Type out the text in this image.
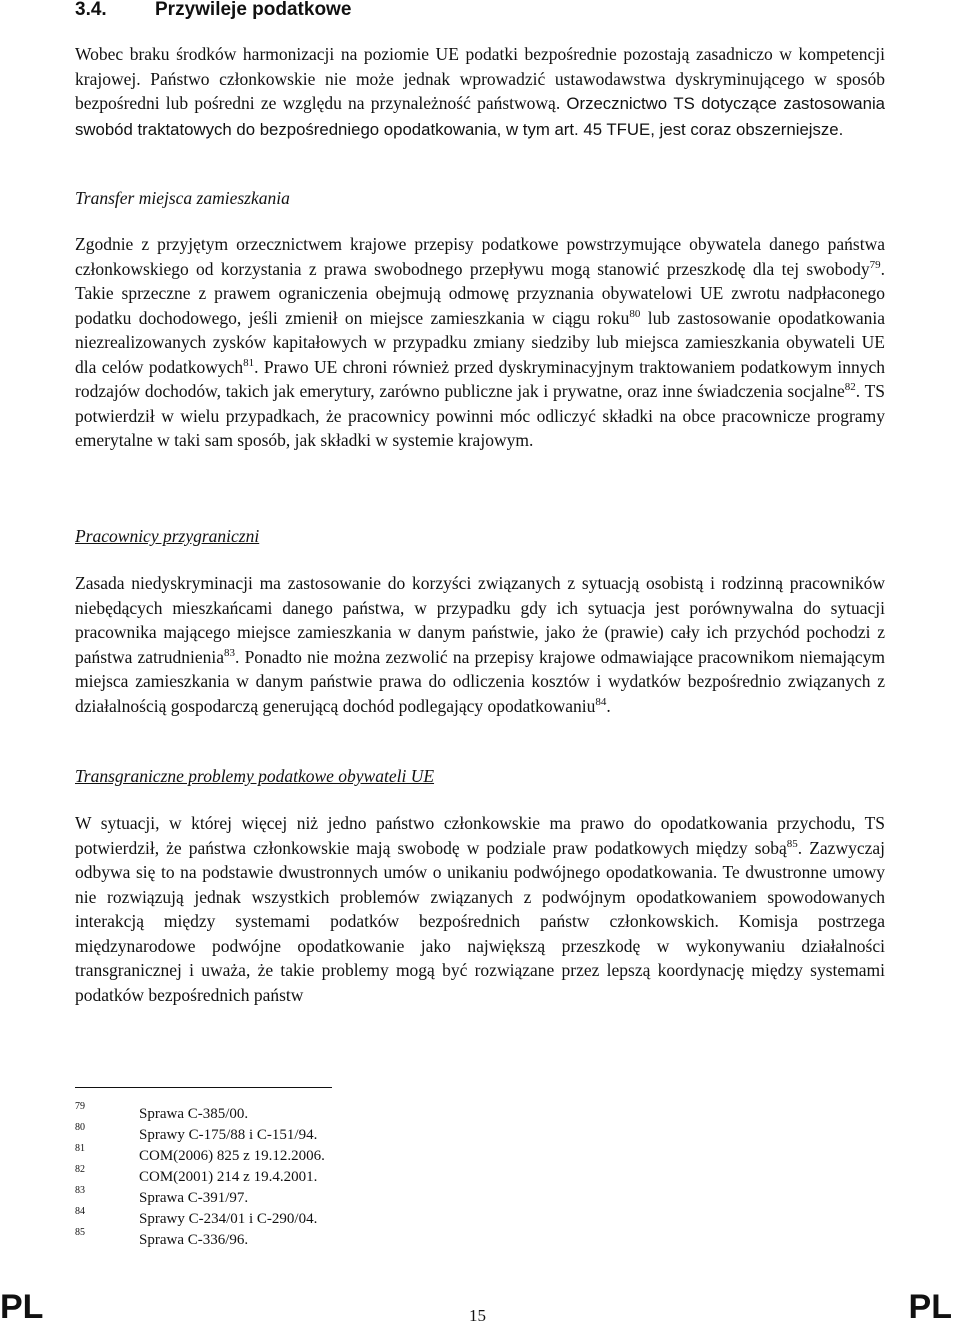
3.4.	Przywileje podatkowe

Wobec braku środków harmonizacji na poziomie UE podatki bezpośrednie pozostają zasadniczo w kompetencji krajowej. Państwo członkowskie nie może jednak wprowadzić ustawodawstwa dyskryminującego w sposób bezpośredni lub pośredni ze względu na przynależność państwową. Orzecznictwo TS dotyczące zastosowania swobód traktatowych do bezpośredniego opodatkowania, w tym art. 45 TFUE, jest coraz obszerniejsze.

Transfer miejsca zamieszkania

Zgodnie z przyjętym orzecznictwem krajowe przepisy podatkowe powstrzymujące obywatela danego państwa członkowskiego od korzystania z prawa swobodnego przepływu mogą stanowić przeszkodę dla tej swobody$^{79}$. Takie sprzeczne z prawem ograniczenia obejmują odmowę przyznania obywatelowi UE zwrotu nadpłaconego podatku dochodowego, jeśli zmienił on miejsce zamieszkania w ciągu roku$^{80}$ lub zastosowanie opodatkowania niezrealizowanych zysków kapitałowych w przypadku zmiany siedziby lub miejsca zamieszkania obywateli UE dla celów podatkowych$^{81}$. Prawo UE chroni również przed dyskryminacyjnym traktowaniem podatkowym innych rodzajów dochodów, takich jak emerytury, zarówno publiczne jak i prywatne, oraz inne świadczenia socjalne$^{82}$. TS potwierdził w wielu przypadkach, że pracownicy powinni móc odliczyć składki na obce pracownicze programy emerytalne w taki sam sposób, jak składki w systemie krajowym.

Pracownicy przygraniczni

Zasada niedyskryminacji ma zastosowanie do korzyści związanych z sytuacją osobistą i rodzinną pracowników niebędących mieszkańcami danego państwa, w przypadku gdy ich sytuacja jest porównywalna do sytuacji pracownika mającego miejsce zamieszkania w danym państwie, jako że (prawie) cały ich przychód pochodzi z państwa zatrudnienia$^{83}$. Ponadto nie można zezwolić na przepisy krajowe odmawiające pracownikom niemającym miejsca zamieszkania w danym państwie prawa do odliczenia kosztów i wydatków bezpośrednio związanych z działalnością gospodarczą generującą dochód podlegający opodatkowaniu$^{84}$.

Transgraniczne problemy podatkowe obywateli UE

W sytuacji, w której więcej niż jedno państwo członkowskie ma prawo do opodatkowania przychodu, TS potwierdził, że państwa członkowskie mają swobodę w podziale praw podatkowych między sobą$^{85}$. Zazwyczaj odbywa się to na podstawie dwustronnych umów o unikaniu podwójnego opodatkowania. Te dwustronne umowy nie rozwiązują jednak wszystkich problemów związanych z podwójnym opodatkowaniem spowodowanych interakcją między systemami podatków bezpośrednich państw członkowskich. Komisja postrzega międzynarodowe podwójne opodatkowanie jako największą przeszkodę w wykonywaniu działalności transgranicznej i uważa, że takie problemy mogą być rozwiązane przez lepszą koordynację między systemami podatków bezpośrednich państw

79	Sprawa C-385/00.
80	Sprawy C-175/88 i C-151/94.
81	COM(2006) 825 z 19.12.2006.
82	COM(2001) 214 z 19.4.2001.
83	Sprawa C-391/97.
84	Sprawy C-234/01 i C-290/04.
85	Sprawa C-336/96.
PL	15	PL
